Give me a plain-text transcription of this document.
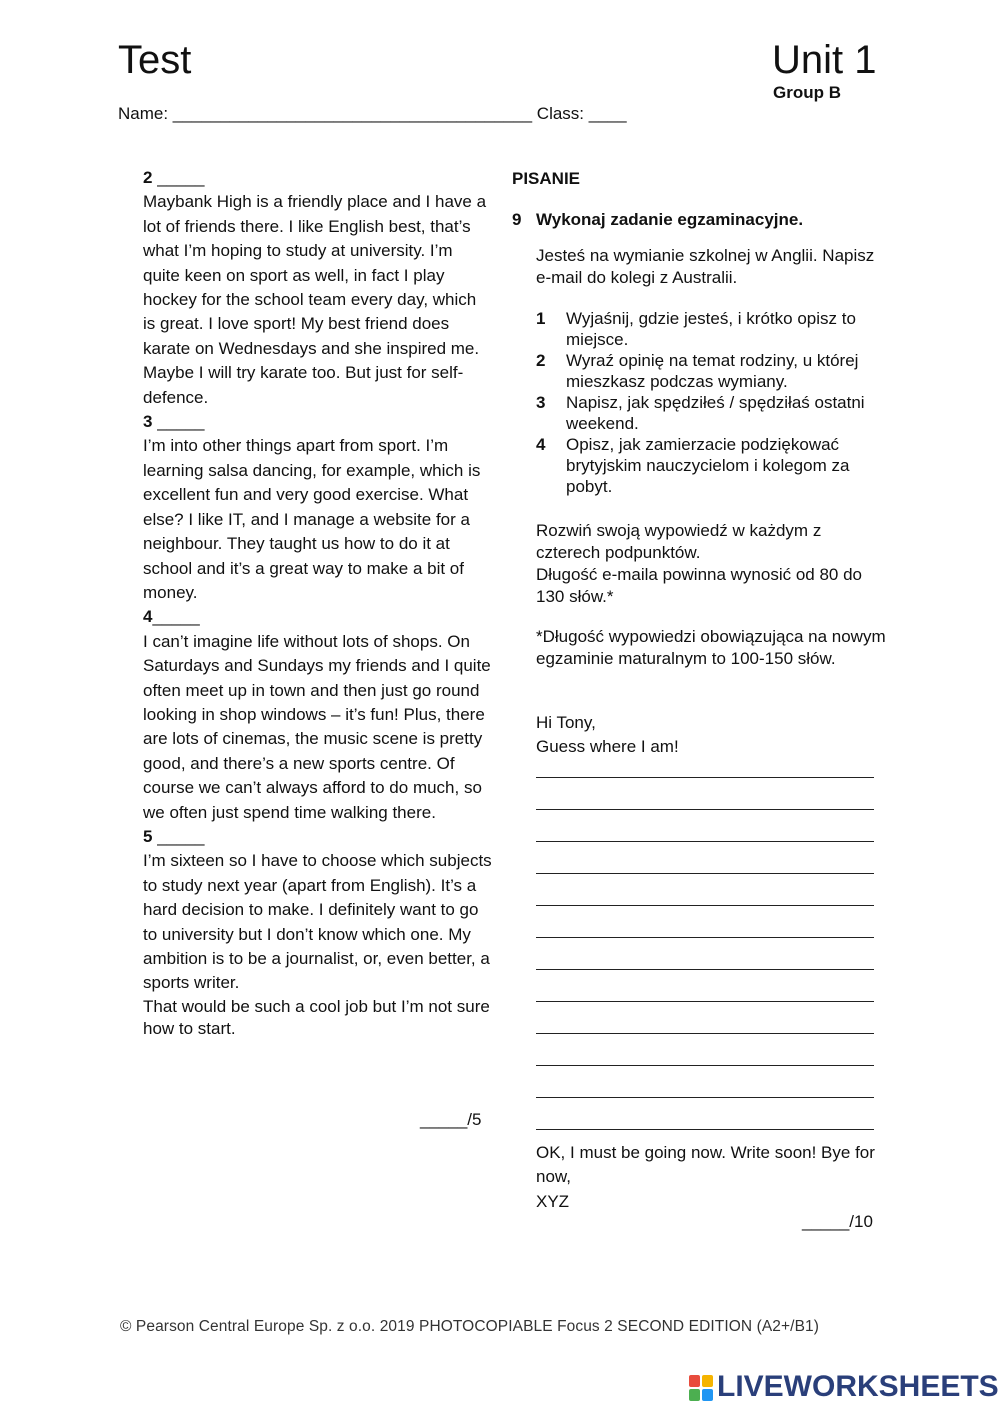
Test	Unit 1
Group B
Name: ______________________________________ Class: ____

2 _____

Maybank High is a friendly place and I have a lot of friends there. I like English best, that’s what I’m hoping to study at university. I’m quite keen on sport as well, in fact I play hockey for the school team every day, which is great. I love sport! My best friend does karate on Wednesdays and she inspired me. Maybe I will try karate too. But just for self-defence.

3 _____

I’m into other things apart from sport. I’m learning salsa dancing, for example, which is excellent fun and very good exercise. What else? I like IT, and I manage a website for a neighbour. They taught us how to do it at school and it’s a great way to make a bit of money.

4_____

I can’t imagine life without lots of shops. On Saturdays and Sundays my friends and I quite often meet up in town and then just go round looking in shop windows – it’s fun! Plus, there are lots of cinemas, the music scene is pretty good, and there’s a new sports centre. Of course we can’t always afford to do much, so we often just spend time walking there.

5 _____

I’m sixteen so I have to choose which subjects to study next year (apart from English). It’s a hard decision to make. I definitely want to go to university but I don’t know which one. My ambition is to be a journalist, or, even better, a sports writer.

That would be such a cool job but I’m not sure how to start.

_____/5
PISANIE
9 Wykonaj zadanie egzaminacyjne.
Jesteś na wymianie szkolnej w Anglii. Napisz e-mail do kolegi z Australii.
1	Wyjaśnij, gdzie jesteś, i krótko opisz to miejsce.
2	Wyraź opinię na temat rodziny, u której mieszkasz podczas wymiany.
3	Napisz, jak spędziłeś / spędziłaś ostatni weekend.
4	Opisz, jak zamierzacie podziękować brytyjskim nauczycielom i kolegom za pobyt.
Rozwiń swoją wypowiedź w każdym z czterech podpunktów.
Długość e-maila powinna wynosić od 80 do 130 słów.*
*Długość wypowiedzi obowiązująca na nowym egzaminie maturalnym to 100-150 słów.
Hi Tony,
Guess where I am!
OK, I must be going now. Write soon! Bye for now,
XYZ
_____/10
© Pearson Central Europe Sp. z o.o. 2019 PHOTOCOPIABLE Focus 2 SECOND EDITION (A2+/B1)
LIVEWORKSHEETS
